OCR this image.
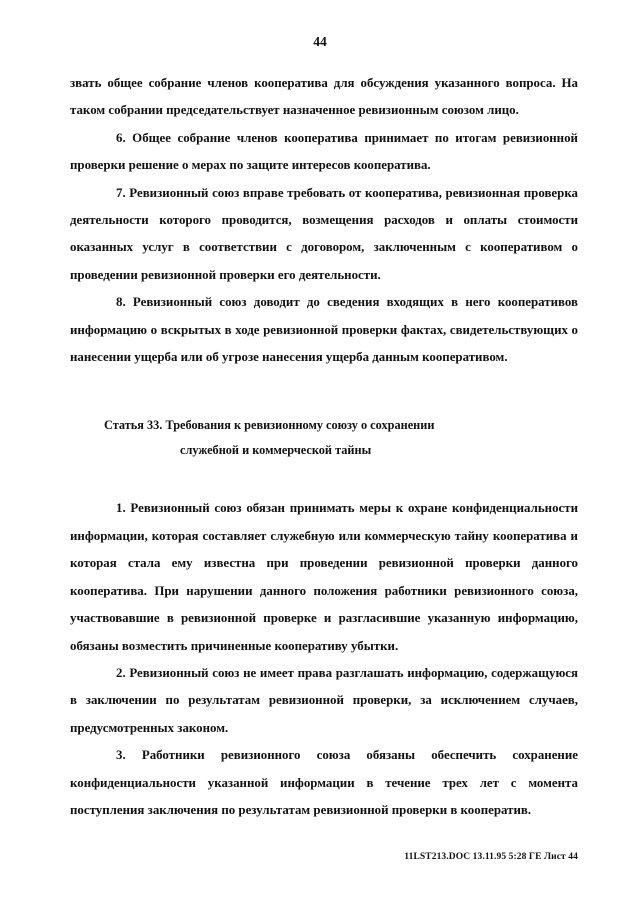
44

звать общее собрание членов кооператива для обсуждения указанного вопроса. На таком собрании председательствует назначенное ревизионным союзом лицо.

6. Общее собрание членов кооператива принимает по итогам ревизионной проверки решение о мерах по защите интересов кооператива.

7. Ревизионный союз вправе требовать от кооператива, ревизионная проверка деятельности которого проводится, возмещения расходов и оплаты стоимости оказанных услуг в соответствии с договором, заключенным с кооперативом о проведении ревизионной проверки его деятельности.

8. Ревизионный союз доводит до сведения входящих в него кооперативов информацию о вскрытых в ходе ревизионной проверки фактах, свидетельствующих о нанесении ущерба или об угрозе нанесения ущерба данным кооперативом.

Статья 33. Требования к ревизионному союзу о сохранении
служебной и коммерческой тайны

1. Ревизионный союз обязан принимать меры к охране конфиденциальности информации, которая составляет служебную или коммерческую тайну кооператива и которая стала ему известна при проведении ревизионной проверки данного кооператива. При нарушении данного положения работники ревизионного союза, участвовавшие в ревизионной проверке и разгласившие указанную информацию, обязаны возместить причиненные кооперативу убытки.

2. Ревизионный союз не имеет права разглашать информацию, содержащуюся в заключении по результатам ревизионной проверки, за исключением случаев, предусмотренных законом.

3. Работники ревизионного союза обязаны обеспечить сохранение конфиденциальности указанной информации в течение трех лет с момента поступления заключения по результатам ревизионной проверки в кооператив.

11LST213.DOC 13.11.95 5:28 ГЕ Лист 44
